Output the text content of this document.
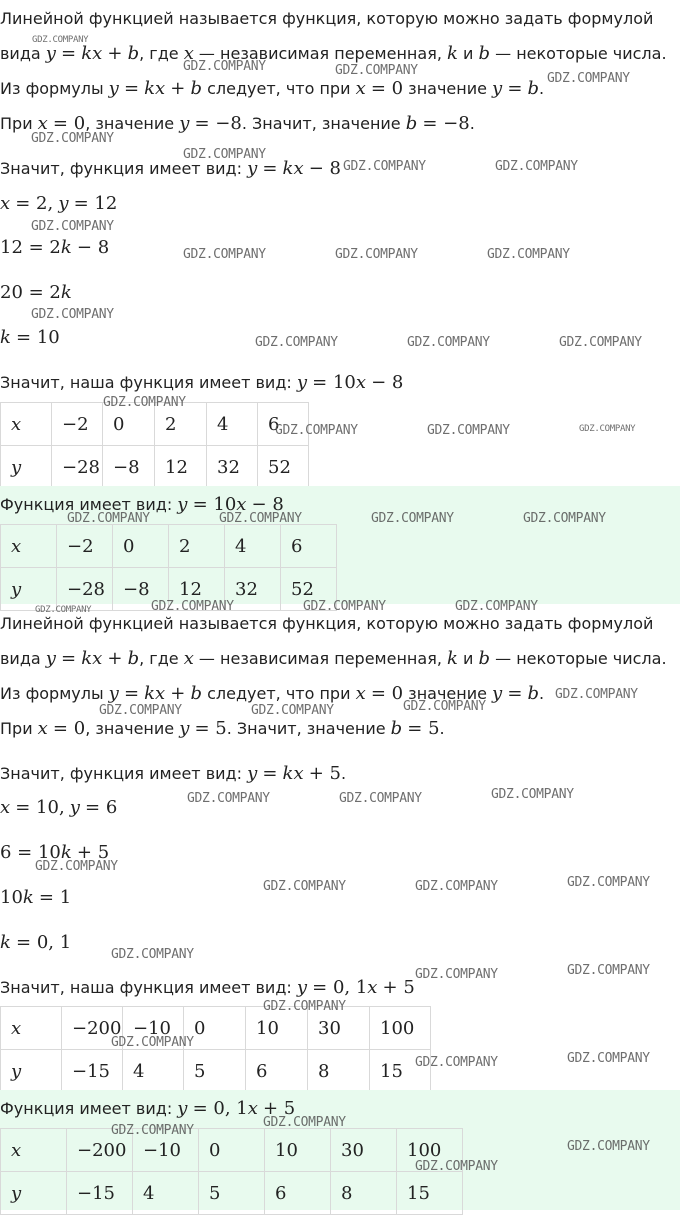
Линейной функцией называется функция, которую можно задать формулой
вида y = kx + b, где x — независимая переменная, k и b — некоторые числа.
Из формулы y = kx + b следует, что при x = 0 значение y = b.
При x = 0, значение y = −8. Значит, значение b = −8.
Значит, функция имеет вид: y = kx − 8
x = 2, y = 12
12 = 2k − 8
20 = 2k
k = 10
Значит, наша функция имеет вид: y = 10x − 8
x	−2	0	2	4	6
y	−28	−8	12	32	52
Функция имеет вид: y = 10x − 8
x	−2	0	2	4	6
y	−28	−8	12	32	52
Линейной функцией называется функция, которую можно задать формулой
вида y = kx + b, где x — независимая переменная, k и b — некоторые числа.
Из формулы y = kx + b следует, что при x = 0 значение y = b.
При x = 0, значение y = 5. Значит, значение b = 5.
Значит, функция имеет вид: y = kx + 5.
x = 10, y = 6
6 = 10k + 5
10k = 1
k = 0, 1
Значит, наша функция имеет вид: y = 0, 1x + 5
x	−200	−10	0	10	30	100
y	−15	4	5	6	8	15
Функция имеет вид: y = 0, 1x + 5
x	−200	−10	0	10	30	100
y	−15	4	5	6	8	15
GDZ.COMPANY
GDZ.COMPANY	GDZ.COMPANY
GDZ.COMPANY
GDZ.COMPANY
GDZ.COMPANY
GDZ.COMPANY	GDZ.COMPANY
GDZ.COMPANY
GDZ.COMPANY	GDZ.COMPANY	GDZ.COMPANY
GDZ.COMPANY
GDZ.COMPANY	GDZ.COMPANY	GDZ.COMPANY
GDZ.COMPANY
GDZ.COMPANY	GDZ.COMPANY	GDZ.COMPANY
GDZ.COMPANY	GDZ.COMPANY	GDZ.COMPANY	GDZ.COMPANY
GDZ.COMPANY	GDZ.COMPANY	GDZ.COMPANY	GDZ.COMPANY
GDZ.COMPANY
GDZ.COMPANY	GDZ.COMPANY	GDZ.COMPANY
GDZ.COMPANY	GDZ.COMPANY	GDZ.COMPANY
GDZ.COMPANY
GDZ.COMPANY	GDZ.COMPANY	GDZ.COMPANY
GDZ.COMPANY
GDZ.COMPANY	GDZ.COMPANY
GDZ.COMPANY
GDZ.COMPANY
GDZ.COMPANY	GDZ.COMPANY
GDZ.COMPANY
GDZ.COMPANY
GDZ.COMPANY
GDZ.COMPANY
